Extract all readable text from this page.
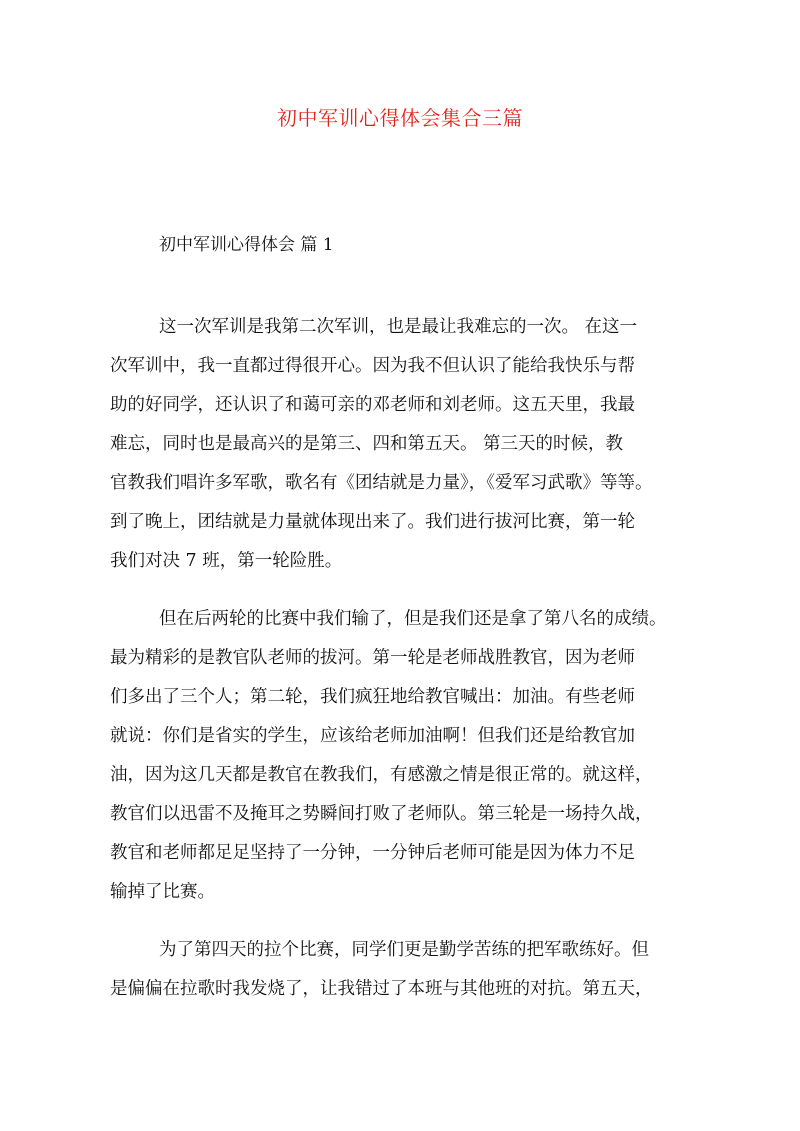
初中军训心得体会集合三篇
初中军训心得体会 篇 1
这一次军训是我第二次军训，也是最让我难忘的一次。 在这一
次军训中，我一直都过得很开心。因为我不但认识了能给我快乐与帮
助的好同学，还认识了和蔼可亲的邓老师和刘老师。这五天里，我最
难忘，同时也是最高兴的是第三、四和第五天。 第三天的时候，教
官教我们唱许多军歌，歌名有《团结就是力量》，《爱军习武歌》等等。
到了晚上，团结就是力量就体现出来了。我们进行拔河比赛，第一轮
我们对决 7 班，第一轮险胜。
但在后两轮的比赛中我们输了，但是我们还是拿了第八名的成绩。
最为精彩的是教官队老师的拔河。第一轮是老师战胜教官，因为老师
们多出了三个人；第二轮，我们疯狂地给教官喊出：加油。有些老师
就说：你们是省实的学生，应该给老师加油啊！但我们还是给教官加
油，因为这几天都是教官在教我们，有感激之情是很正常的。就这样，
教官们以迅雷不及掩耳之势瞬间打败了老师队。第三轮是一场持久战，
教官和老师都足足坚持了一分钟，一分钟后老师可能是因为体力不足
输掉了比赛。
为了第四天的拉个比赛，同学们更是勤学苦练的把军歌练好。但
是偏偏在拉歌时我发烧了，让我错过了本班与其他班的对抗。第五天，
